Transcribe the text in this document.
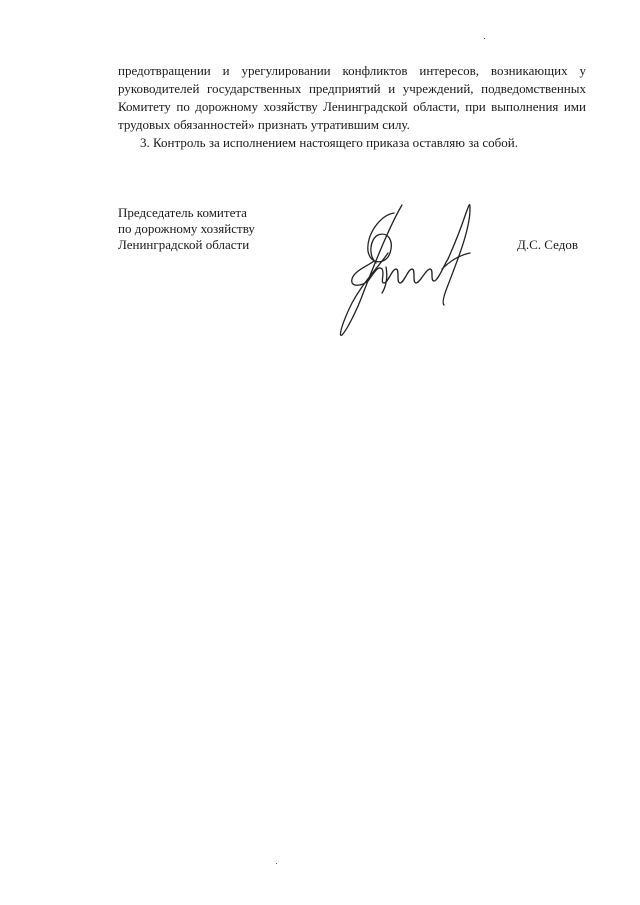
предотвращении и урегулировании конфликтов интересов, возникающих у руководителей государственных предприятий и учреждений, подведомственных Комитету по дорожному хозяйству Ленинградской области, при выполнения ими трудовых обязанностей» признать утратившим силу.

3. Контроль за исполнением настоящего приказа оставляю за собой.

Председатель комитета
по дорожному хозяйству
Ленинградской области	Д.С. Седов
